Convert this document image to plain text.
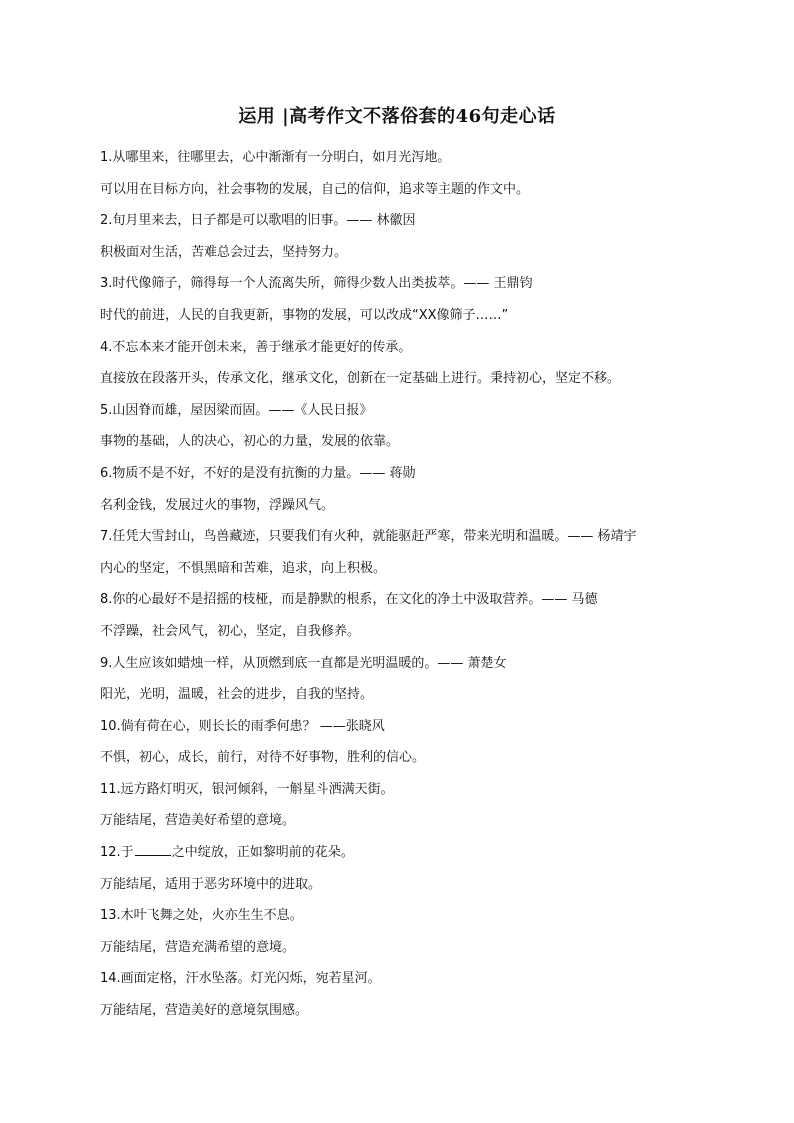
运用 |高考作文不落俗套的46句走心话
1.从哪里来，往哪里去，心中渐渐有一分明白，如月光泻地。
可以用在目标方向，社会事物的发展，自己的信仰，追求等主题的作文中。
2.旬月里来去，日子都是可以歌唱的旧事。—— 林徽因
积极面对生活，苦难总会过去，坚持努力。
3.时代像筛子，筛得每一个人流离失所，筛得少数人出类拔萃。—— 王鼎钧
时代的前进，人民的自我更新，事物的发展，可以改成“XX像筛子……”
4.不忘本来才能开创未来，善于继承才能更好的传承。
直接放在段落开头，传承文化，继承文化，创新在一定基础上进行。秉持初心，坚定不移。
5.山因脊而雄，屋因梁而固。——《人民日报》
事物的基础，人的决心，初心的力量，发展的依靠。
6.物质不是不好，不好的是没有抗衡的力量。—— 蒋勋
名利金钱，发展过火的事物，浮躁风气。
7.任凭大雪封山，鸟兽藏迹，只要我们有火种，就能驱赶严寒，带来光明和温暖。—— 杨靖宇
内心的坚定，不惧黑暗和苦难，追求，向上积极。
8.你的心最好不是招摇的枝桠，而是静默的根系，在文化的净土中汲取营养。—— 马德
不浮躁，社会风气，初心，坚定，自我修养。
9.人生应该如蜡烛一样，从顶燃到底一直都是光明温暖的。—— 萧楚女
阳光，光明，温暖，社会的进步，自我的坚持。
10.倘有荷在心，则长长的雨季何患？ ——张晓风
不惧，初心，成长，前行，对待不好事物，胜利的信心。
11.远方路灯明灭，银河倾斜，一斛星斗洒满天街。
万能结尾，营造美好希望的意境。
12.于	之中绽放，正如黎明前的花朵。
万能结尾，适用于恶劣环境中的进取。
13.木叶飞舞之处，火亦生生不息。
万能结尾，营造充满希望的意境。
14.画面定格，汗水坠落。灯光闪烁，宛若星河。
万能结尾，营造美好的意境氛围感。
